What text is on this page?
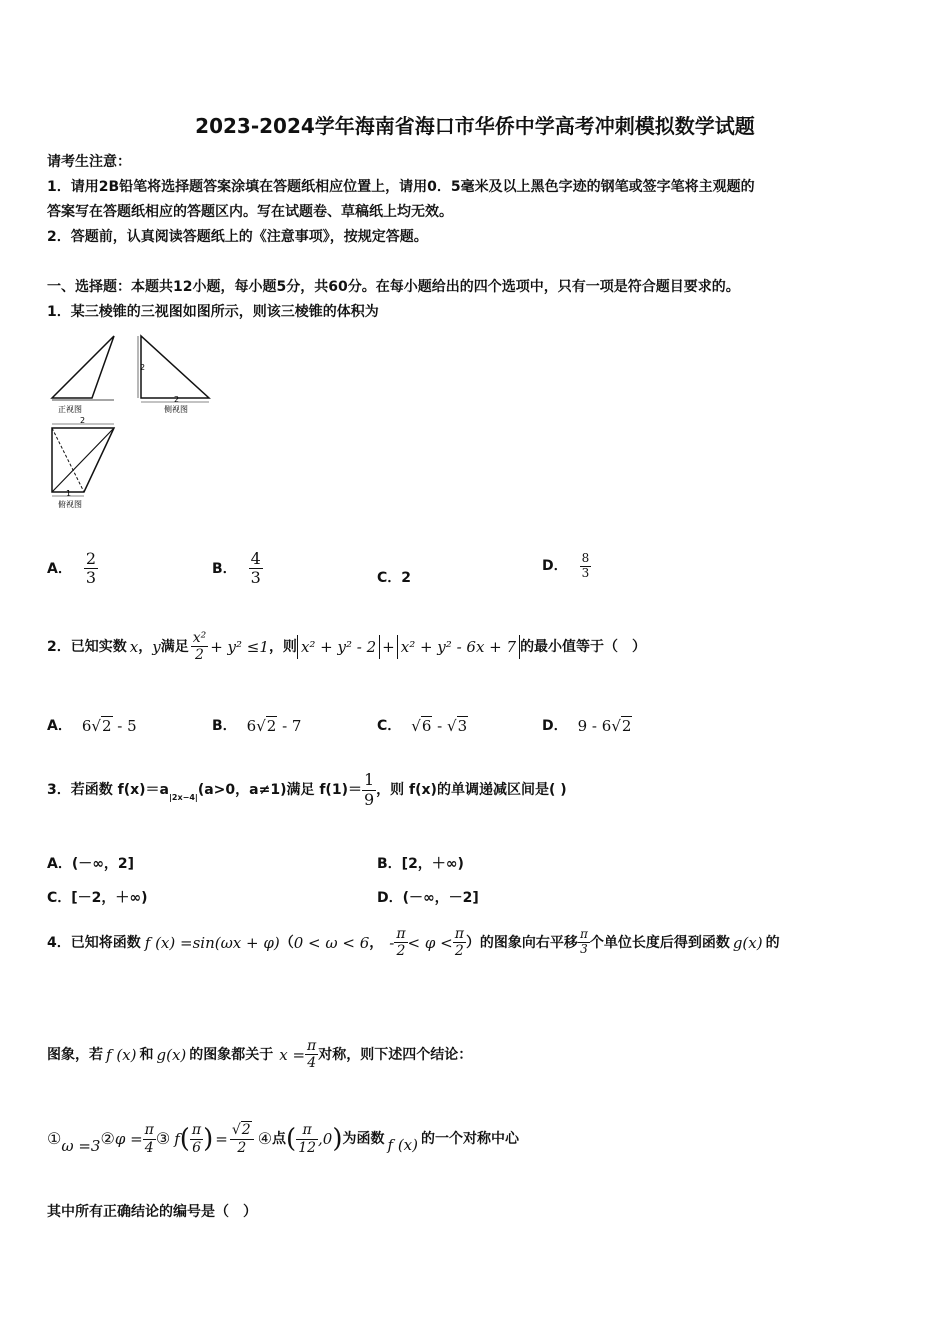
2023-2024学年海南省海口市华侨中学高考冲刺模拟数学试题
请考生注意：
1．请用2B铅笔将选择题答案涂填在答题纸相应位置上，请用0．5毫米及以上黑色字迹的钢笔或签字笔将主观题的
答案写在答题纸相应的答题区内。写在试题卷、草稿纸上均无效。
2．答题前，认真阅读答题纸上的《注意事项》，按规定答题。
一、选择题：本题共12小题，每小题5分，共60分。在每小题给出的四个选项中，只有一项是符合题目要求的。
1．某三棱锥的三视图如图所示，则该三棱锥的体积为
正视图
2
2
侧视图
2
1
俯视图
A． $\frac{2}{3}$	B． $\frac{4}{3}$	C．2
D． $\frac{8}{3}$
2．已知实数 x ， y 满足 $\frac{\text{x²}}{2} + y^2 \le 1$ ，则 x² + y² - 2 + x² + y² - 6x + 7 的最小值等于（　）
A． 6√2 - 5	B． 6√2 - 7	C． √6 - √3	D． 9 - 6√2
3．若函数 $f(x)=a_{|2x-4|}$ (a>0，a≠1)满足 $f(1)= \frac{1}{9}$ ，则 f(x)的单调递减区间是( )
A．(－∞，2]	B．[2，＋∞)
C．[－2，＋∞)	D．(－∞，－2]
4．已知将函数 f (x) =sin(ωx + φ) （ 0 < ω < 6 ， - $\frac{\pi}{2} < \varphi < \frac{\pi}{2}$ ）的图象向右平移 $\frac{\pi}{3}$ 个单位长度后得到函数 g(x) 的
图象，若 f (x) 和 g(x) 的图象都关于 $x = \frac{\pi}{4}$ 对称，则下述四个结论：
① ω =3 ② $\varphi = \frac{\pi}{4}$ ③ f ( $\frac{\pi}{6}$ ) = $\frac{√2}{2}$ ④ 点 ( $\frac{\pi}{12} ,0$ ) 为函数 f (x) 的一个对称中心
其中所有正确结论的编号是（　）
